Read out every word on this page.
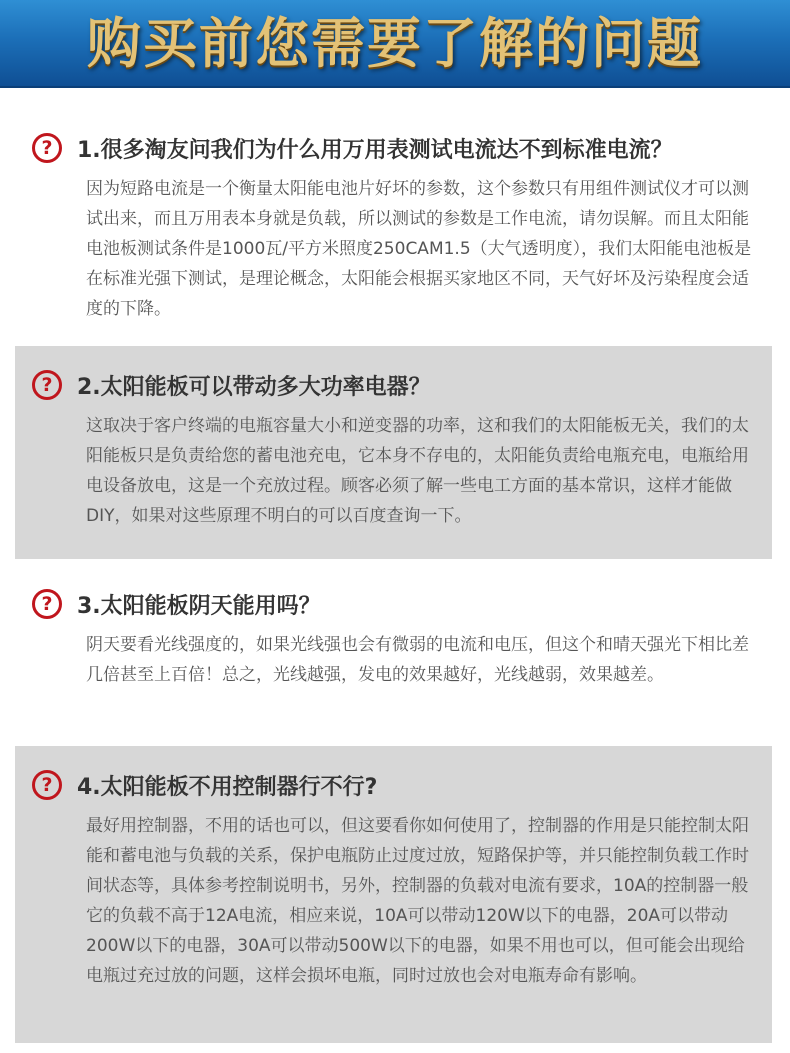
购买前您需要了解的问题
?	1.很多淘友问我们为什么用万用表测试电流达不到标准电流？
因为短路电流是一个衡量太阳能电池片好坏的参数，这个参数只有用组件测试仪才可以测试出来，而且万用表本身就是负载，所以测试的参数是工作电流，请勿误解。而且太阳能电池板测试条件是1000瓦/平方米照度250CAM1.5（大气透明度），我们太阳能电池板是在标准光强下测试，是理论概念，太阳能会根据买家地区不同，天气好坏及污染程度会适度的下降。
?	2.太阳能板可以带动多大功率电器？
这取决于客户终端的电瓶容量大小和逆变器的功率，这和我们的太阳能板无关，我们的太阳能板只是负责给您的蓄电池充电，它本身不存电的，太阳能负责给电瓶充电，电瓶给用电设备放电，这是一个充放过程。顾客必须了解一些电工方面的基本常识，这样才能做DIY，如果对这些原理不明白的可以百度查询一下。
?	3.太阳能板阴天能用吗？
阴天要看光线强度的，如果光线强也会有微弱的电流和电压，但这个和晴天强光下相比差几倍甚至上百倍！总之，光线越强，发电的效果越好，光线越弱，效果越差。
?	4.太阳能板不用控制器行不行?
最好用控制器，不用的话也可以，但这要看你如何使用了，控制器的作用是只能控制太阳能和蓄电池与负载的关系，保护电瓶防止过度过放，短路保护等，并只能控制负载工作时间状态等，具体参考控制说明书，另外，控制器的负载对电流有要求，10A的控制器一般它的负载不高于12A电流，相应来说，10A可以带动120W以下的电器，20A可以带动200W以下的电器，30A可以带动500W以下的电器，如果不用也可以，但可能会出现给电瓶过充过放的问题，这样会损坏电瓶，同时过放也会对电瓶寿命有影响。
